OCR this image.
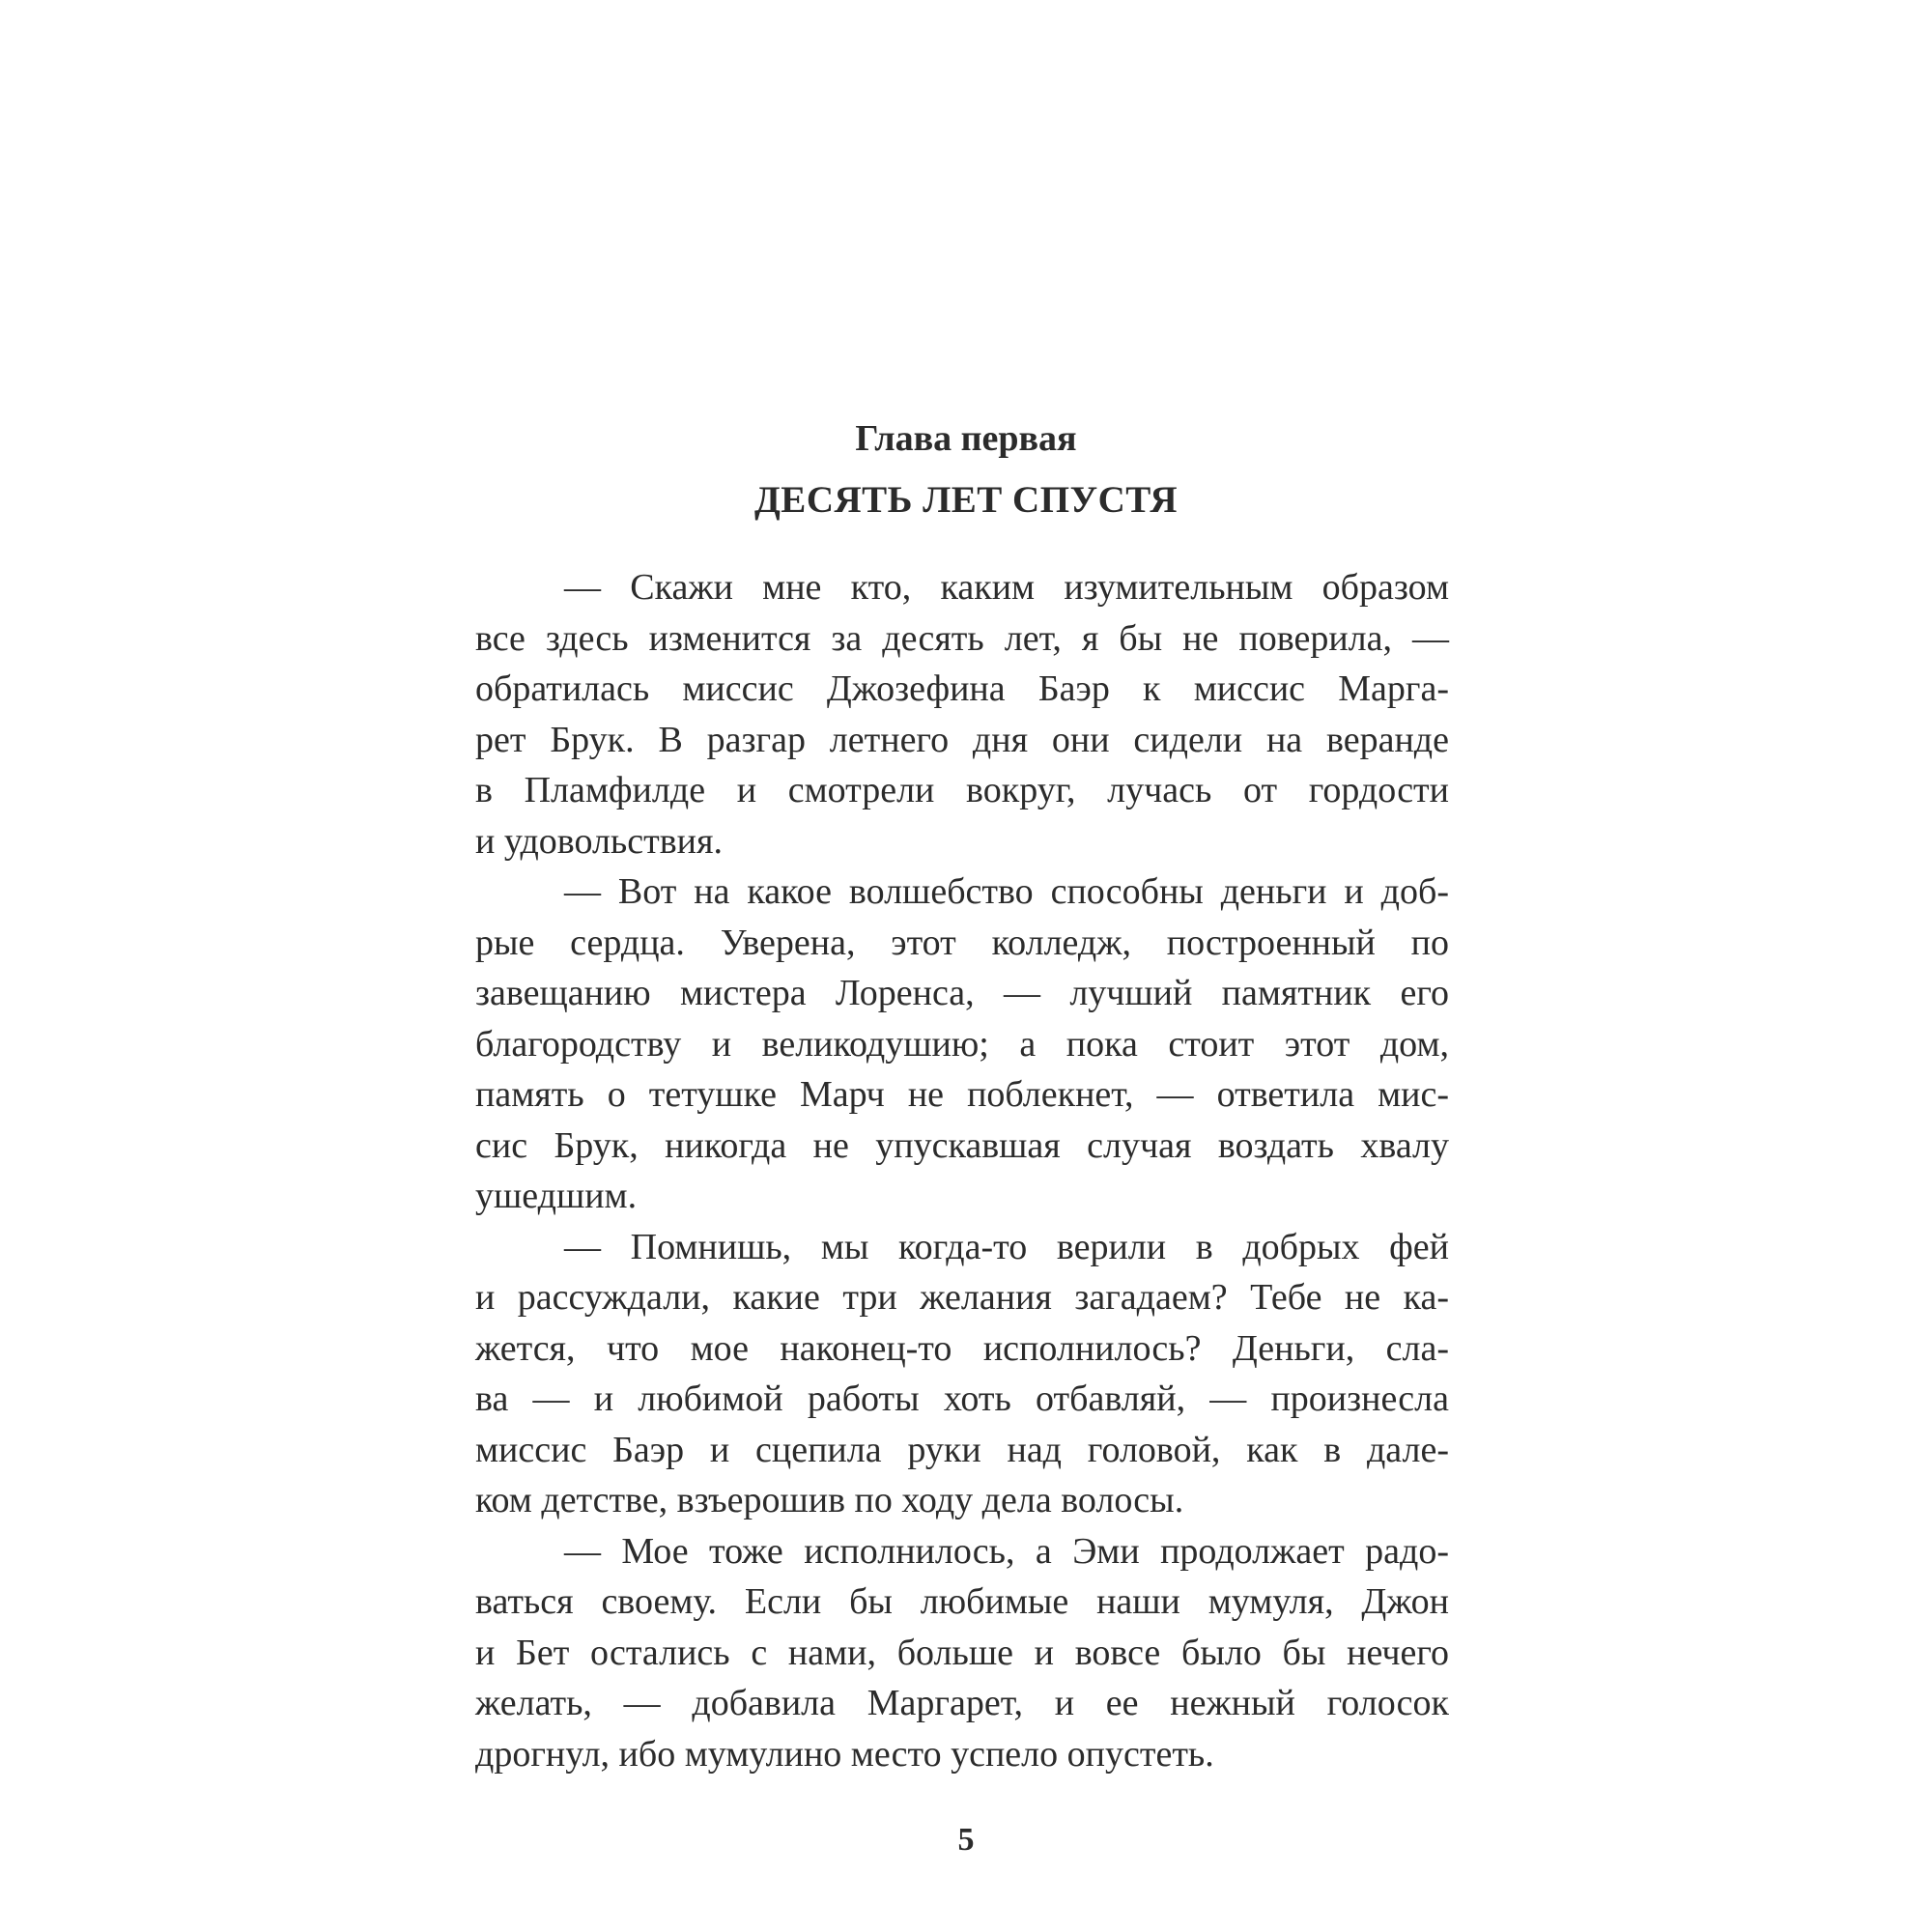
Глава первая
ДЕСЯТЬ ЛЕТ СПУСТЯ
— Скажи мне кто, каким изумительным образом
все здесь изменится за десять лет, я бы не поверила, —
обратилась миссис Джозефина Баэр к миссис Марга-
рет Брук. В разгар летнего дня они сидели на веранде
в Пламфилде и смотрели вокруг, лучась от гордости
и удовольствия.
— Вот на какое волшебство способны деньги и доб-
рые сердца. Уверена, этот колледж, построенный по
завещанию мистера Лоренса, — лучший памятник его
благородству и великодушию; а пока стоит этот дом,
память о тетушке Марч не поблекнет, — ответила мис-
сис Брук, никогда не упускавшая случая воздать хвалу
ушедшим.
— Помнишь, мы когда-то верили в добрых фей
и рассуждали, какие три желания загадаем? Тебе не ка-
жется, что мое наконец-то исполнилось? Деньги, сла-
ва — и любимой работы хоть отбавляй, — произнесла
миссис Баэр и сцепила руки над головой, как в дале-
ком детстве, взъерошив по ходу дела волосы.
— Мое тоже исполнилось, а Эми продолжает радо-
ваться своему. Если бы любимые наши мумуля, Джон
и Бет остались с нами, больше и вовсе было бы нечего
желать, — добавила Маргарет, и ее нежный голосок
дрогнул, ибо мумулино место успело опустеть.
5
